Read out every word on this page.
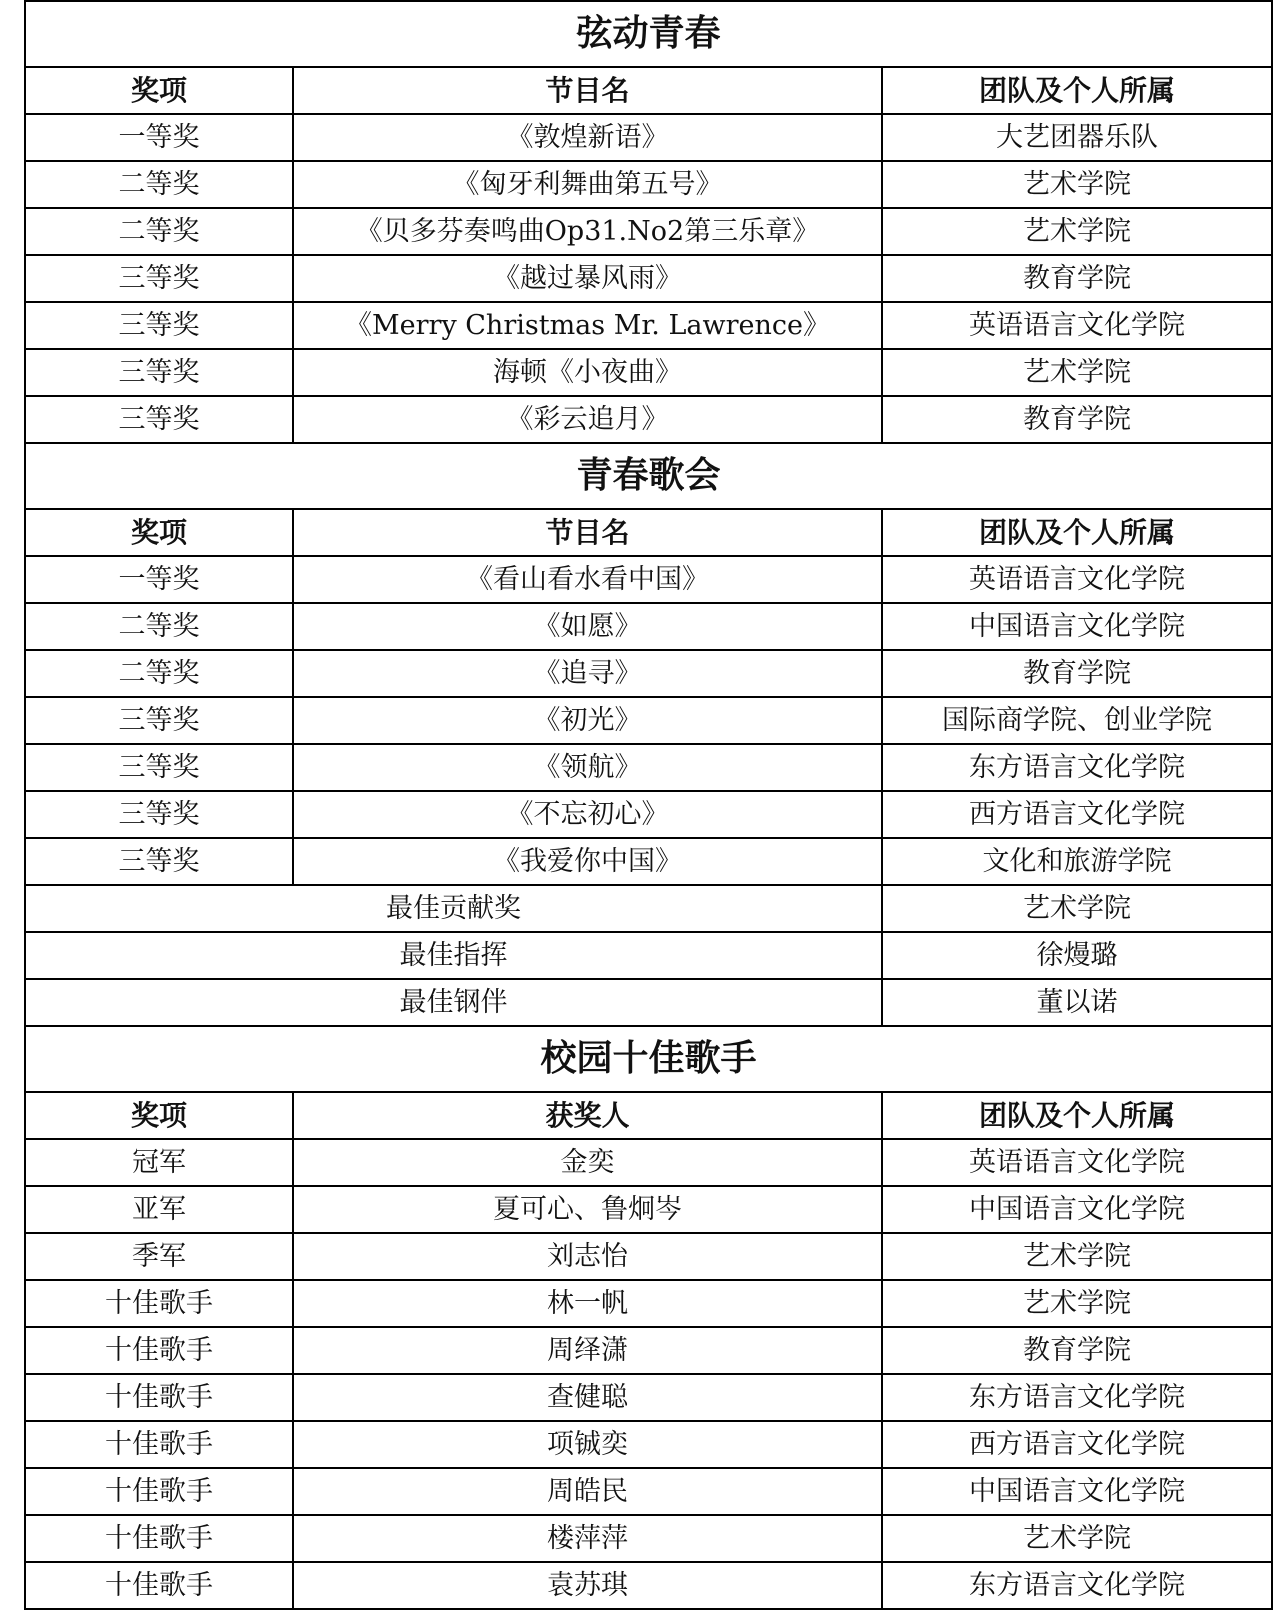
弦动青春		
奖项	节目名	团队及个人所属
一等奖	《敦煌新语》	大艺团器乐队
二等奖	《匈牙利舞曲第五号》	艺术学院
二等奖	《贝多芬奏鸣曲Op31.No2第三乐章》	艺术学院
三等奖	《越过暴风雨》	教育学院
三等奖	《Merry Christmas Mr. Lawrence》	英语语言文化学院
三等奖	海顿《小夜曲》	艺术学院
三等奖	《彩云追月》	教育学院
青春歌会		
奖项	节目名	团队及个人所属
一等奖	《看山看水看中国》	英语语言文化学院
二等奖	《如愿》	中国语言文化学院
二等奖	《追寻》	教育学院
三等奖	《初光》	国际商学院、创业学院
三等奖	《领航》	东方语言文化学院
三等奖	《不忘初心》	西方语言文化学院
三等奖	《我爱你中国》	文化和旅游学院
最佳贡献奖		艺术学院
最佳指挥		徐熳璐
最佳钢伴		董以诺
校园十佳歌手		
奖项	获奖人	团队及个人所属
冠军	金奕	英语语言文化学院
亚军	夏可心、鲁炯岑	中国语言文化学院
季军	刘志怡	艺术学院
十佳歌手	林一帆	艺术学院
十佳歌手	周绎潇	教育学院
十佳歌手	查健聪	东方语言文化学院
十佳歌手	项铖奕	西方语言文化学院
十佳歌手	周皓民	中国语言文化学院
十佳歌手	楼萍萍	艺术学院
十佳歌手	袁苏琪	东方语言文化学院
